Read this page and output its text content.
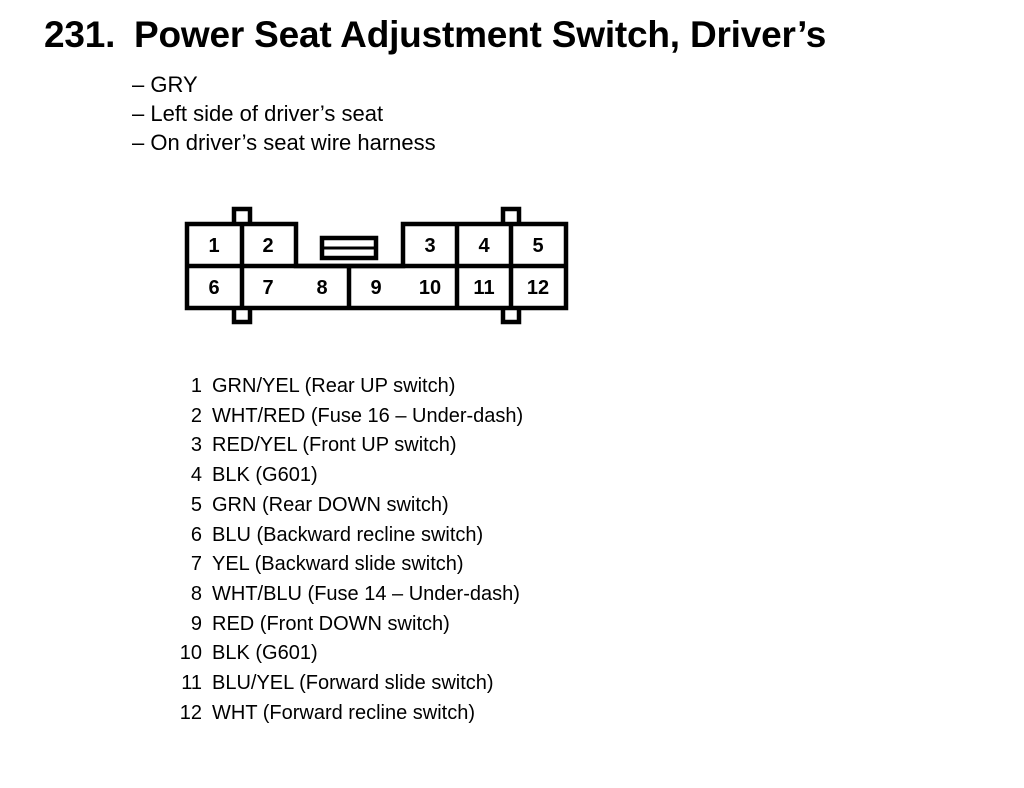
231. Power Seat Adjustment Switch, Driver’s
– GRY
– Left side of driver’s seat
– On driver’s seat wire harness
1 2	3 4 5
6 7 8 9 10 11 12
1 GRN/YEL (Rear UP switch)
2 WHT/RED (Fuse 16 – Under-dash)
3 RED/YEL (Front UP switch)
4 BLK (G601)
5 GRN (Rear DOWN switch)
6 BLU (Backward recline switch)
7 YEL (Backward slide switch)
8 WHT/BLU (Fuse 14 – Under-dash)
9 RED (Front DOWN switch)
10 BLK (G601)
11 BLU/YEL (Forward slide switch)
12 WHT (Forward recline switch)
